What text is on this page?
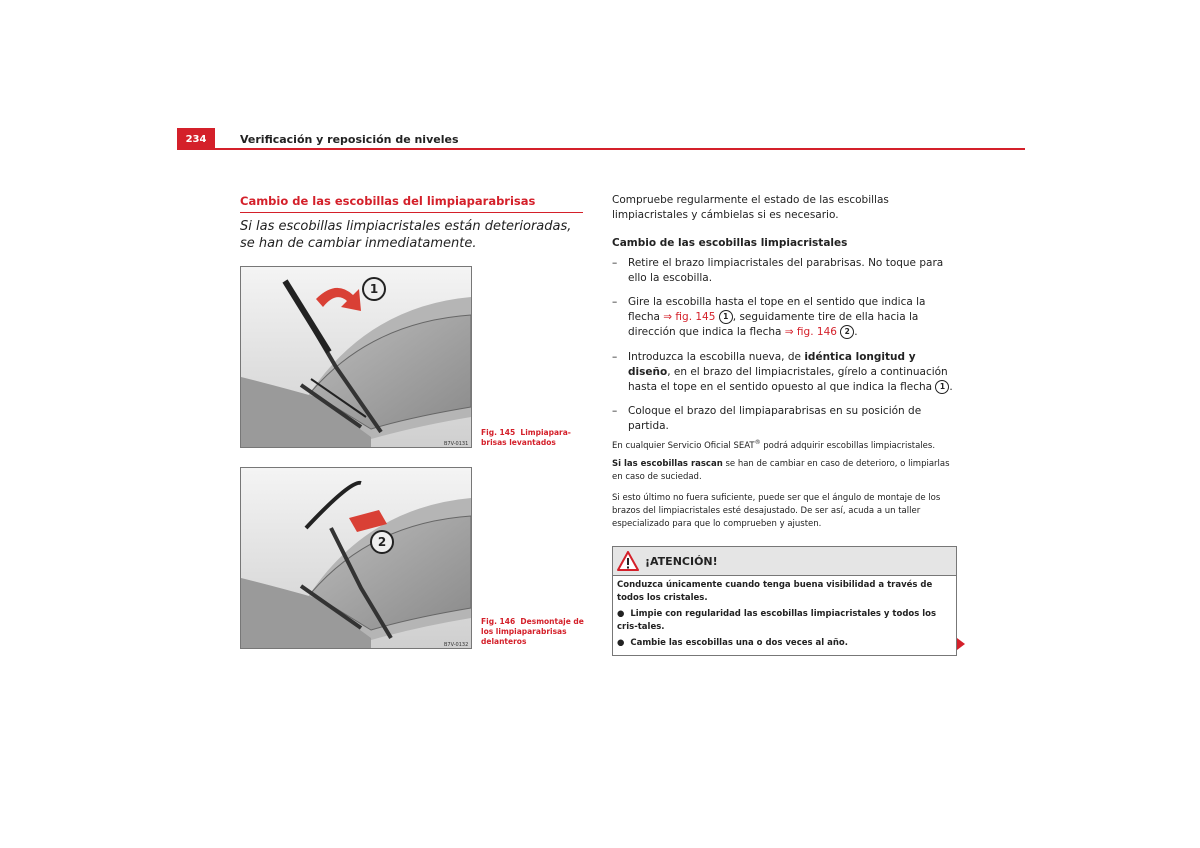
234	Verificación y reposición de niveles
Cambio de las escobillas del limpiaparabrisas
Si las escobillas limpiacristales están deterioradas, se han de cambiar inmediatamente.
1
B7V-0131
Fig. 145 Limpiapara-brisas levantados
2
B7V-0132
Fig. 146 Desmontaje de los limpiaparabrisas delanteros
Compruebe regularmente el estado de las escobillas limpiacristales y cámbielas si es necesario.
Cambio de las escobillas limpiacristales
–	Retire el brazo limpiacristales del parabrisas. No toque para ello la escobilla.
–	Gire la escobilla hasta el tope en el sentido que indica la flecha ⇒ fig. 145 1 , seguidamente tire de ella hacia la dirección que indica la flecha ⇒ fig. 146 2 .
–	Introduzca la escobilla nueva, de idéntica longitud y diseño, en el brazo del limpiacristales, gírelo a continuación hasta el tope en el sentido opuesto al que indica la flecha 1 .
–	Coloque el brazo del limpiaparabrisas en su posición de partida.
En cualquier Servicio Oficial SEAT® podrá adquirir escobillas limpiacristales.
Si las escobillas rascan se han de cambiar en caso de deterioro, o limpiarlas en caso de suciedad.
Si esto último no fuera suficiente, puede ser que el ángulo de montaje de los brazos del limpiacristales esté desajustado. De ser así, acuda a un taller especializado para que lo comprueben y ajusten.
¡ATENCIÓN!

Conduzca únicamente cuando tenga buena visibilidad a través de todos los cristales.

● Limpie con regularidad las escobillas limpiacristales y todos los cris-tales.

● Cambie las escobillas una o dos veces al año.
